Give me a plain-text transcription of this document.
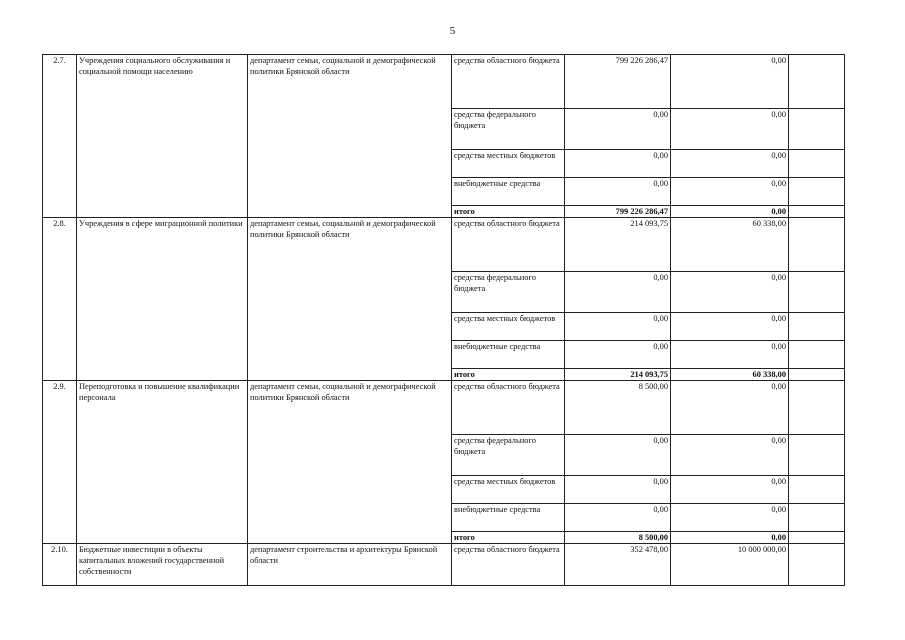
5
2.7.	Учреждения социального обслуживания и социальной помощи населению	департамент семьи, социальной и демографической политики Брянской области	средства областного бюджета	799 226 286,47	0,00	
			средства федерального бюджета	0,00	0,00	
			средства местных бюджетов	0,00	0,00	
			внебюджетные средства	0,00	0,00	
			итого	799 226 286,47	0,00	
2.8.	Учреждения в сфере миграционной политики	департамент семьи, социальной и демографической политики Брянской области	средства областного бюджета	214 093,75	60 338,00	
			средства федерального бюджета	0,00	0,00	
			средства местных бюджетов	0,00	0,00	
			внебюджетные средства	0,00	0,00	
			итого	214 093,75	60 338,00	
2.9.	Переподготовка и повышение квалификации персонала	департамент семьи, социальной и демографической политики Брянской области	средства областного бюджета	8 500,00	0,00	
			средства федерального бюджета	0,00	0,00	
			средства местных бюджетов	0,00	0,00	
			внебюджетные средства	0,00	0,00	
			итого	8 500,00	0,00	
2.10.	Бюджетные инвестиции в объекты капитальных вложений государственной собственности	департамент строительства и архитектуры Брянской области	средства областного бюджета	352 478,00	10 000 000,00	
